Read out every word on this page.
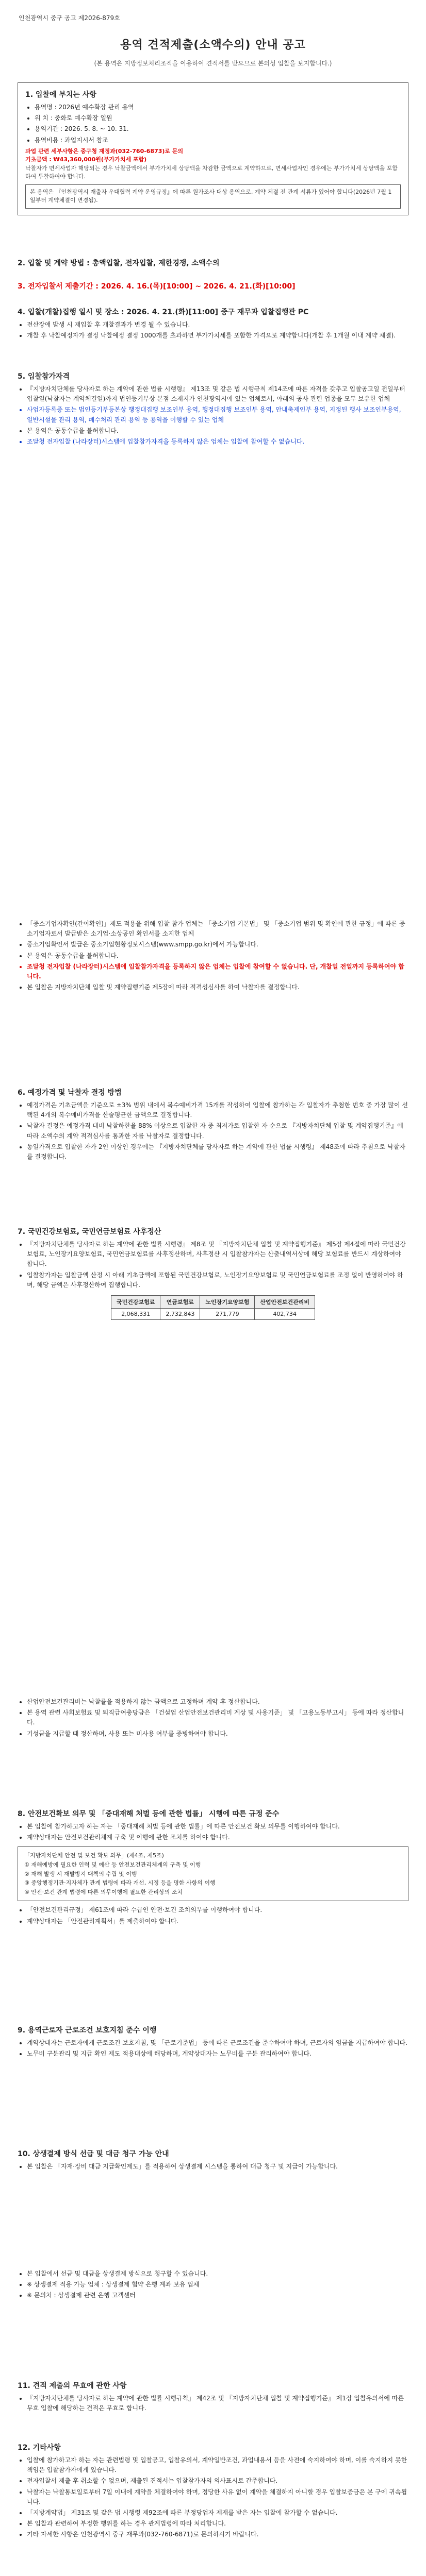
인천광역시 중구 공고 제2026-879호
용역 견적제출(소액수의) 안내 공고
(본 용역은 지방정보처리조직을 이용하여 견적서를 받으므로 본의성 입찰을 보지합니다.)

1. 입찰에 부치는 사항

• 용역명 : 2026년 예수확장 관리 용역
• 위 치 : 중화로 예수확장 일원
• 용역기간 : 2026. 5. 8. ~ 10. 31.
• 용역비용 : 과업지시서 참조
과업 관련 세부사항은 중구청 재정과(032-760-6873)로 문의
기초금액 : ₩43,360,000원(부가가치세 포함)
낙찰자가 면세사업자 해당되는 경우 낙찰금액에서 부가가치세 상당액을 차감한 금액으로 계약하므로, 면세사업자인 경우에는 부가가치세 상당액을 포함하여 투찰하여야 합니다.
본 용역은 『인천광역시 재출자 우대협력 계약 운영규정』에 따른 원가조사 대상 용역으로, 계약 체결 전 관계 서류가 있어야 합니다(2026년 7월 1일부터 계약체결이 변경됨).

2. 입찰 및 계약 방법 : 총액입찰, 전자입찰, 제한경쟁, 소액수의

3. 전자입찰서 제출기간 : 2026. 4. 16.(목)[10:00] ~ 2026. 4. 21.(화)[10:00]

4. 입찰(개찰)집행 일시 및 장소 : 2026. 4. 21.(화)[11:00] 중구 재무과 입찰집행관 PC

• 전산장애 발생 시 재입찰 후 개찰결과가 변경 될 수 있습니다.
• 개찰 후 낙찰예정자가 결정 낙찰예정 결정 1000개를 초과하면 부가가치세를 포함한 가격으로 계약합니다(개찰 후 1개월 이내 계약 체결).

5. 입찰참가자격

• 『지방자치단체를 당사자로 하는 계약에 관한 법률 시행령』 제13조 및 같은 법 시행규칙 제14조에 따른 자격을 갖추고 입찰공고일 전일부터 입찰일(낙찰자는 계약체결일)까지 법인등기부상 본점 소재지가 인천광역시에 있는 업체로서, 아래의 공사 관련 업종을 모두 보유한 업체
• 사업자등록증 또는 법인등기부등본상 행정대집행 보조인부 용역, 행정대집행 보조인부 용역, 안내축제인부 용역, 지정된 행사 보조인부용역, 일반시설물 관리 용역, 폐수처리 관리 용역 등 용역을 이행할 수 있는 업체
• 본 용역은 공동수급을 불허합니다.
• 조달청 전자입찰 (나라장터)시스템에 입찰참가자격을 등록하지 않은 업체는 입찰에 참여할 수 없습니다.
• 「중소기업자확인(간이확인)」제도 적용을 위해 입찰 참가 업체는 「중소기업 기본법」 및 「중소기업 범위 및 확인에 관한 규정」에 따른 중소기업자로서 발급받은 소기업·소상공인 확인서를 소지한 업체
• 중소기업확인서 발급은 중소기업현황정보시스템(www.smpp.go.kr)에서 가능합니다.
• 본 용역은 공동수급을 불허합니다.
• 조달청 전자입찰 (나라장터)시스템에 입찰참가자격을 등록하지 않은 업체는 입찰에 참여할 수 없습니다. 단, 개찰일 전일까지 등록하여야 합니다.
• 본 입찰은 지방자치단체 입찰 및 계약집행기준 제5장에 따라 적격성심사를 하여 낙찰자를 결정합니다.

6. 예정가격 및 낙찰자 결정 방법

• 예정가격은 기초금액을 기준으로 ±3% 범위 내에서 복수예비가격 15개를 작성하여 입찰에 참가하는 각 입찰자가 추첨한 번호 중 가장 많이 선택된 4개의 복수예비가격을 산술평균한 금액으로 결정합니다.
• 낙찰자 결정은 예정가격 대비 낙찰하한율 88% 이상으로 입찰한 자 중 최저가로 입찰한 자 순으로 『지방자치단체 입찰 및 계약집행기준』에 따라 소액수의 계약 적격심사를 통과한 자를 낙찰자로 결정합니다.
• 동일가격으로 입찰한 자가 2인 이상인 경우에는 『지방자치단체를 당사자로 하는 계약에 관한 법률 시행령』 제48조에 따라 추첨으로 낙찰자를 결정합니다.

7. 국민건강보험료, 국민연금보험료 사후정산

• 『지방자치단체를 당사자로 하는 계약에 관한 법률 시행령』 제8조 및 『지방자치단체 입찰 및 계약집행기준』 제5장 제4절에 따라 국민건강보험료, 노인장기요양보험료, 국민연금보험료를 사후정산하며, 사후정산 시 입찰참가자는 산출내역서상에 해당 보험료를 반드시 계상하여야 합니다.
• 입찰참가자는 입찰금액 산정 시 아래 기초금액에 포함된 국민건강보험료, 노인장기요양보험료 및 국민연금보험료를 조정 없이 반영하여야 하며, 해당 금액은 사후정산하여 집행합니다.
국민건강보험료	연금보험료	노인장기요양보험	산업안전보건관리비
2,068,331	2,732,843	271,779	402,734
• 산업안전보건관리비는 낙찰률을 적용하지 않는 금액으로 고정하며 계약 후 정산합니다.
• 본 용역 관련 사회보험료 및 퇴직급여충당금은 「건설업 산업안전보건관리비 계상 및 사용기준」 및 「고용노동부고시」 등에 따라 정산합니다.
• 기성금을 지급할 때 정산하며, 사용 또는 미사용 여부를 증빙하여야 합니다.

8. 안전보건확보 의무 및 「중대재해 처벌 등에 관한 법률」 시행에 따른 규정 준수

• 본 입찰에 참가하고자 하는 자는 「중대재해 처벌 등에 관한 법률」에 따른 안전보건 확보 의무를 이행하여야 합니다.
• 계약상대자는 안전보건관리체계 구축 및 이행에 관한 조치를 하여야 합니다.
「지방자치단체 안전 및 보건 확보 의무」(제4조, 제5조)
① 재해예방에 필요한 인력 및 예산 등 안전보건관리체계의 구축 및 이행
② 재해 발생 시 재발방지 대책의 수립 및 이행
③ 중앙행정기관·지자체가 관계 법령에 따라 개선, 시정 등을 명한 사항의 이행
④ 안전·보건 관계 법령에 따른 의무이행에 필요한 관리상의 조치
• 「안전보건관리규정」 제61조에 따라 수급인 안전·보건 조치의무를 이행하여야 합니다.
• 계약상대자는 「안전관리계획서」를 제출하여야 합니다.

9. 용역근로자 근로조건 보호지침 준수 이행

• 계약상대자는 근로자에게 근로조건 보호지침, 및 「근로기준법」 등에 따른 근로조건을 준수하여야 하며, 근로자의 임금을 지급하여야 합니다.
• 노무비 구분관리 및 지급 확인 제도 적용대상에 해당하며, 계약상대자는 노무비를 구분 관리하여야 합니다.

10. 상생결제 방식 선급 및 대금 청구 가능 안내

• 본 입찰은 「자재·장비 대금 지급확인제도」를 적용하여 상생결제 시스템을 통하여 대금 청구 및 지급이 가능합니다.
• 본 입찰에서 선금 및 대금을 상생결제 방식으로 청구할 수 있습니다.
• ※ 상생결제 적용 가능 업체 : 상생결제 협약 은행 계좌 보유 업체
• ※ 문의처 : 상생결제 관련 은행 고객센터

11. 견적 제출의 무효에 관한 사항

• 『지방자치단체를 당사자로 하는 계약에 관한 법률 시행규칙』 제42조 및 『지방자치단체 입찰 및 계약집행기준』 제1장 입찰유의서에 따른 무효 입찰에 해당하는 견적은 무효로 합니다.

12. 기타사항

• 입찰에 참가하고자 하는 자는 관련법령 및 입찰공고, 입찰유의서, 계약일반조건, 과업내용서 등을 사전에 숙지하여야 하며, 이를 숙지하지 못한 책임은 입찰참가자에게 있습니다.
• 전자입찰서 제출 후 취소할 수 없으며, 제출된 견적서는 입찰참가자의 의사표시로 간주합니다.
• 낙찰자는 낙찰통보일로부터 7일 이내에 계약을 체결하여야 하며, 정당한 사유 없이 계약을 체결하지 아니할 경우 입찰보증금은 본 구에 귀속됩니다.
• 「지방계약법」 제31조 및 같은 법 시행령 제92조에 따른 부정당업자 제재를 받은 자는 입찰에 참가할 수 없습니다.
• 본 입찰과 관련하여 부정한 행위를 하는 경우 관계법령에 따라 처리합니다.
• 기타 자세한 사항은 인천광역시 중구 재무과(032-760-6871)로 문의하시기 바랍니다.
